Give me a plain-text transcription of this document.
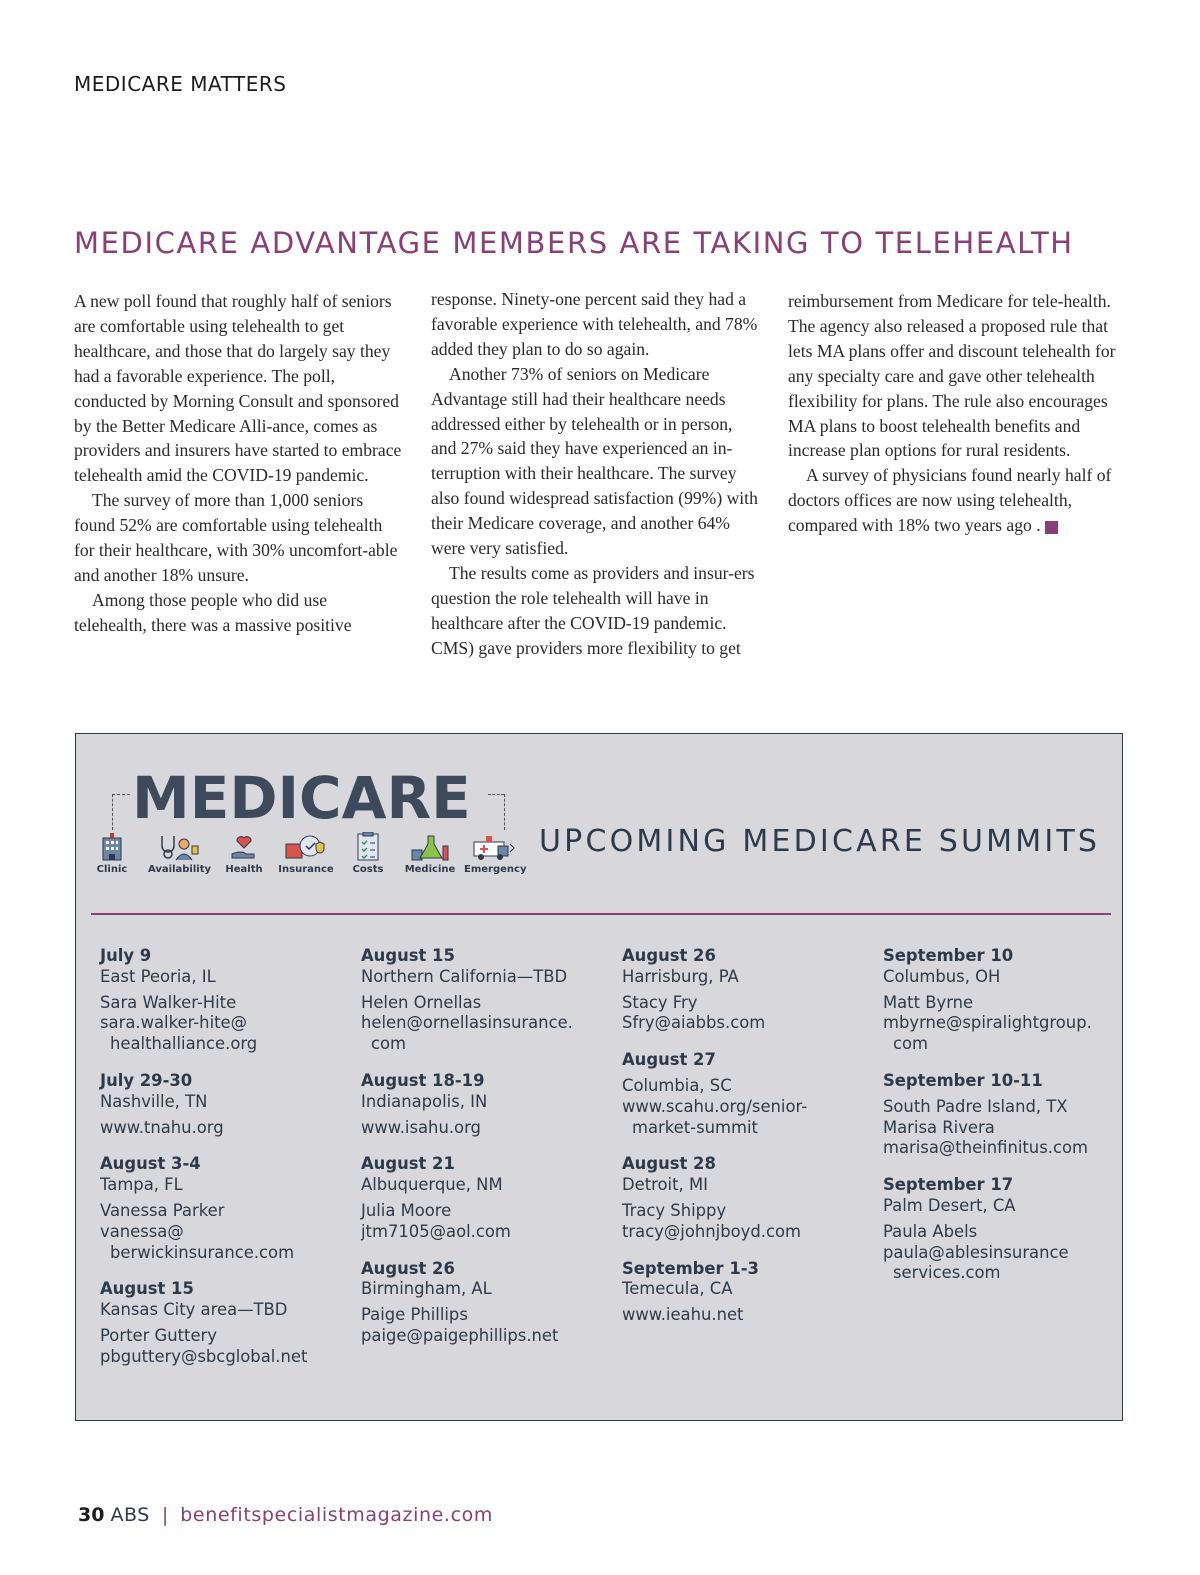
MEDICARE MATTERS
MEDICARE ADVANTAGE MEMBERS ARE TAKING TO TELEHEALTH

A new poll found that roughly half of seniors are comfortable using telehealth to get healthcare, and those that do largely say they had a favorable experience. The poll, conducted by Morning Consult and sponsored by the Better Medicare Alli-ance, comes as providers and insurers have started to embrace telehealth amid the COVID-19 pandemic.

The survey of more than 1,000 seniors found 52% are comfortable using telehealth for their healthcare, with 30% uncomfort-able and another 18% unsure.

Among those people who did use telehealth, there was a massive positive

response. Ninety-one percent said they had a favorable experience with telehealth, and 78% added they plan to do so again.

Another 73% of seniors on Medicare Advantage still had their healthcare needs addressed either by telehealth or in person, and 27% said they have experienced an in-terruption with their healthcare. The survey also found widespread satisfaction (99%) with their Medicare coverage, and another 64% were very satisfied.

The results come as providers and insur-ers question the role telehealth will have in healthcare after the COVID-19 pandemic. CMS) gave providers more flexibility to get

reimbursement from Medicare for tele-health. The agency also released a proposed rule that lets MA plans offer and discount telehealth for any specialty care and gave other telehealth flexibility for plans. The rule also encourages MA plans to boost telehealth benefits and increase plan options for rural residents.

A survey of physicians found nearly half of doctors offices are now using telehealth, compared with 18% two years ago .	ABS

MEDICARE
Clinic	Availability	Health	Insurance	Costs	Medicine Emergency
UPCOMING MEDICARE SUMMITS
July 9
East Peoria, IL
Sara Walker-Hite
sara.walker-hite@
healthalliance.org
July 29-30
Nashville, TN
www.tnahu.org
August 3-4
Tampa, FL
Vanessa Parker
vanessa@
berwickinsurance.com
August 15
Kansas City area—TBD
Porter Guttery
pbguttery@sbcglobal.net
August 15
Northern California—TBD
Helen Ornellas
helen@ornellasinsurance.
com
August 18-19
Indianapolis, IN
www.isahu.org
August 21
Albuquerque, NM
Julia Moore
jtm7105@aol.com
August 26
Birmingham, AL
Paige Phillips
paige@paigephillips.net
August 26
Harrisburg, PA
Stacy Fry
Sfry@aiabbs.com
August 27
Columbia, SC
www.scahu.org/senior-
market-summit
August 28
Detroit, MI
Tracy Shippy
tracy@johnjboyd.com
September 1-3
Temecula, CA
www.ieahu.net
September 10
Columbus, OH
Matt Byrne
mbyrne@spiralightgroup.
com
September 10-11
South Padre Island, TX
Marisa Rivera
marisa@theinfinitus.com
September 17
Palm Desert, CA
Paula Abels
paula@ablesinsurance
services.com
30 ABS | benefitspecialistmagazine.com
